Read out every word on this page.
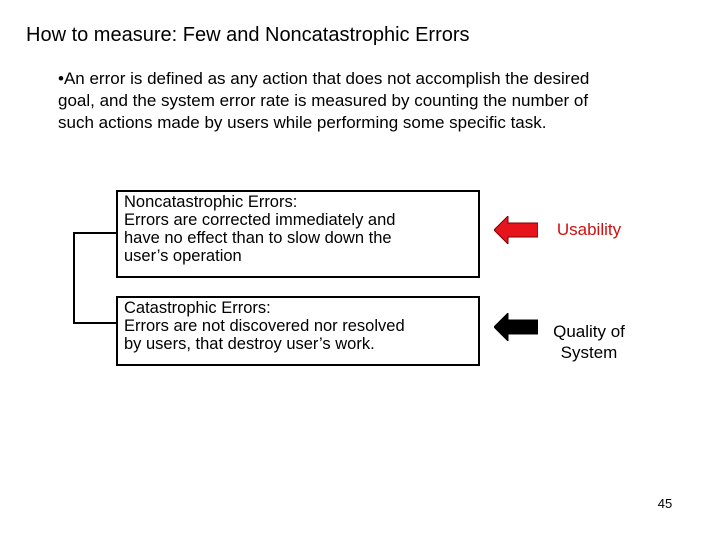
How to measure: Few and Noncatastrophic Errors
•An error is defined as any action that does not accomplish the desired
goal, and the system error rate is measured by counting the number of
such actions made by users while performing some specific task.
Noncatastrophic Errors:
Errors are corrected immediately and
have no effect than to slow down the
user’s operation
Usability
Catastrophic Errors:
Errors are not discovered nor resolved
by users, that destroy user’s work.
Quality of
System
45
